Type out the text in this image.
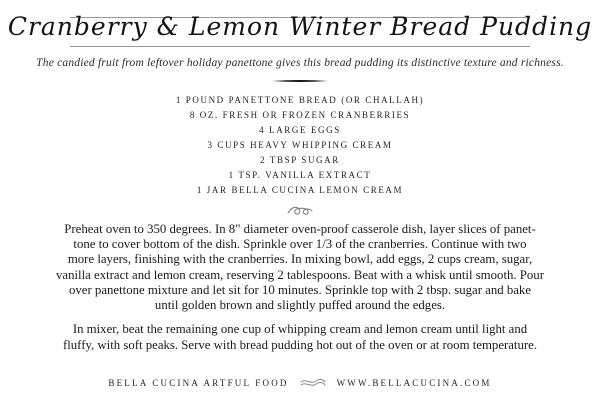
Cranberry & Lemon Winter Bread Pudding

The candied fruit from leftover holiday panettone gives this bread pudding its distinctive texture and richness.

1 POUND PANETTONE BREAD (OR CHALLAH)
8 OZ. FRESH OR FROZEN CRANBERRIES
4 LARGE EGGS
3 CUPS HEAVY WHIPPING CREAM
2 TBSP SUGAR
1 TSP. VANILLA EXTRACT
1 JAR BELLA CUCINA LEMON CREAM
Preheat oven to 350 degrees. In 8" diameter oven-proof casserole dish, layer slices of panet-
tone to cover bottom of the dish. Sprinkle over 1/3 of the cranberries. Continue with two
more layers, finishing with the cranberries. In mixing bowl, add eggs, 2 cups cream, sugar,
vanilla extract and lemon cream, reserving 2 tablespoons. Beat with a whisk until smooth. Pour
over panettone mixture and let sit for 10 minutes. Sprinkle top with 2 tbsp. sugar and bake
until golden brown and slightly puffed around the edges.
In mixer, beat the remaining one cup of whipping cream and lemon cream until light and
fluffy, with soft peaks. Serve with bread pudding hot out of the oven or at room temperature.
BELLA CUCINA ARTFUL FOOD	WWW.BELLACUCINA.COM
